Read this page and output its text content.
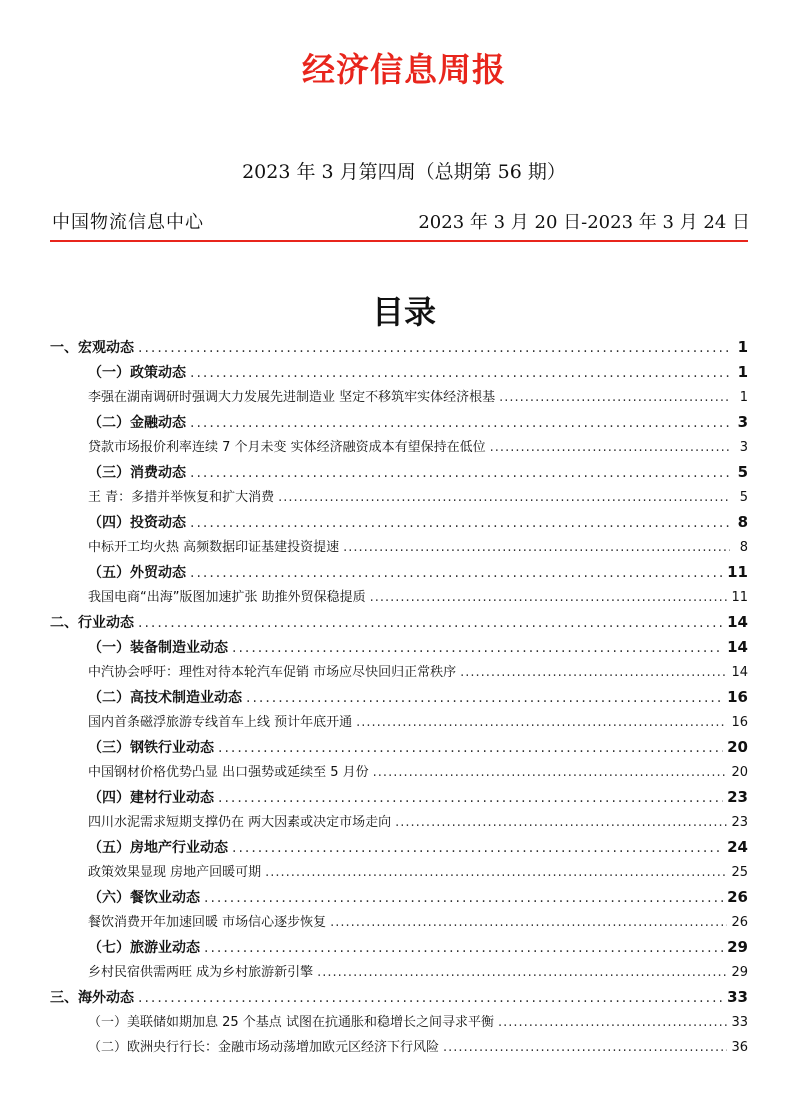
经济信息周报
2023 年 3 月第四周（总期第 56 期）
中国物流信息中心	2023 年 3 月 20 日-2023 年 3 月 24 日
目录
一、宏观动态 .....	1
（一）政策动态 .....	1
李强在湖南调研时强调大力发展先进制造业 坚定不移筑牢实体经济根基 .....	1
（二）金融动态 .....	3
贷款市场报价利率连续 7 个月未变 实体经济融资成本有望保持在低位 .....	3
（三）消费动态 .....	5
王 青：多措并举恢复和扩大消费 .....	5
（四）投资动态 .....	8
中标开工均火热 高频数据印证基建投资提速 .....	8
（五）外贸动态 .....	11
我国电商“出海”版图加速扩张 助推外贸保稳提质 .....	11
二、行业动态 .....	14
（一）装备制造业动态 .....	14
中汽协会呼吁：理性对待本轮汽车促销 市场应尽快回归正常秩序 .....	14
（二）高技术制造业动态 .....	16
国内首条磁浮旅游专线首车上线 预计年底开通 .....	16
（三）钢铁行业动态 .....	20
中国钢材价格优势凸显 出口强势或延续至 5 月份 .....	20
（四）建材行业动态 .....	23
四川水泥需求短期支撑仍在 两大因素或决定市场走向 .....	23
（五）房地产行业动态 .....	24
政策效果显现 房地产回暖可期 .....	25
（六）餐饮业动态 .....	26
餐饮消费开年加速回暖 市场信心逐步恢复 .....	26
（七）旅游业动态 .....	29
乡村民宿供需两旺 成为乡村旅游新引擎 .....	29
三、海外动态 .....	33
（一）美联储如期加息 25 个基点 试图在抗通胀和稳增长之间寻求平衡 .....	33
（二）欧洲央行行长：金融市场动荡增加欧元区经济下行风险 .....	36
